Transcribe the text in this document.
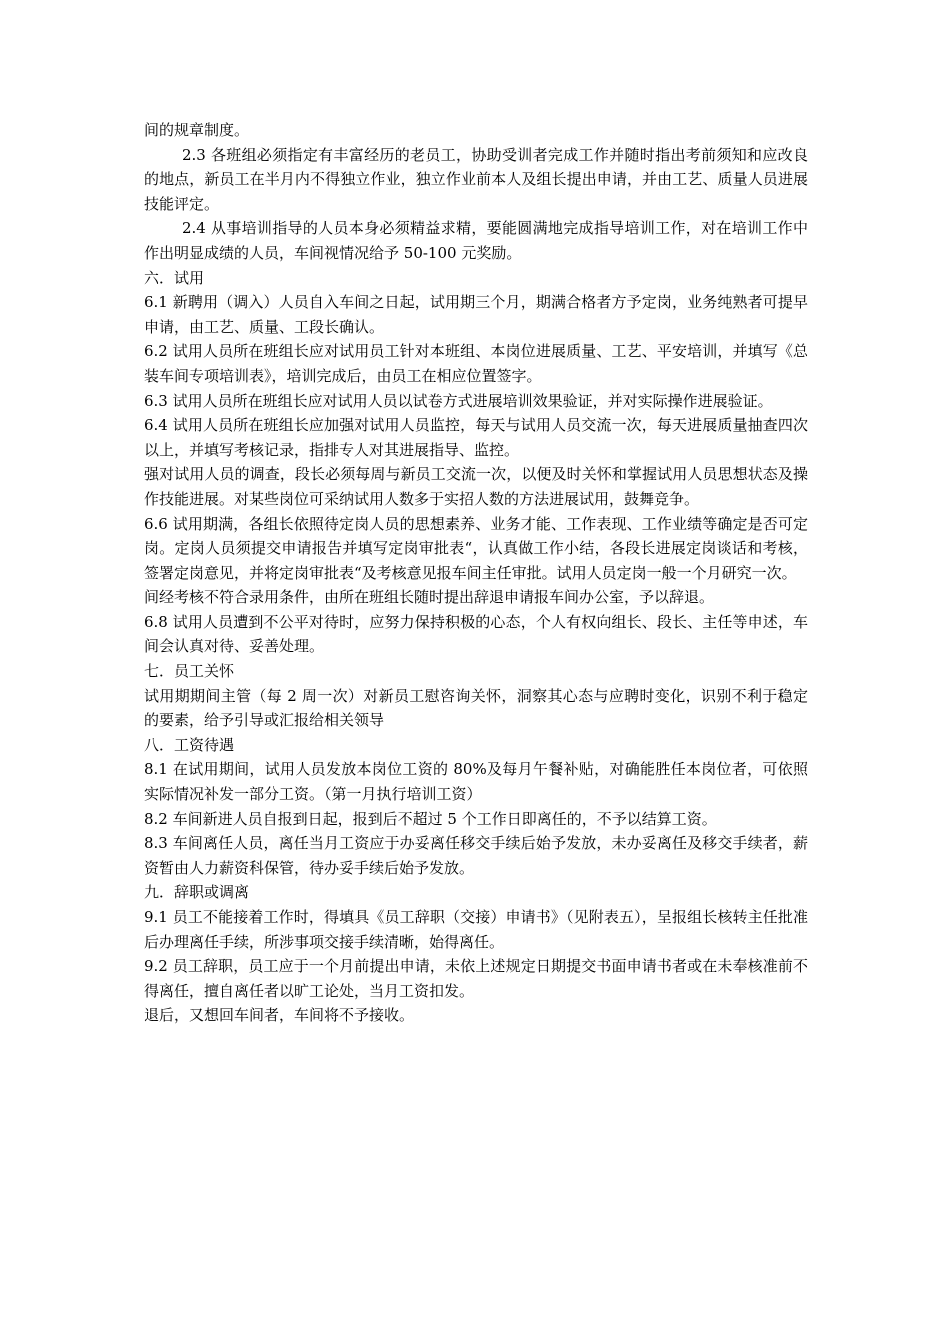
间的规章制度。

2.3 各班组必须指定有丰富经历的老员工，协助受训者完成工作并随时指出考前须知和应改良的地点，新员工在半月内不得独立作业，独立作业前本人及组长提出申请，并由工艺、质量人员进展技能评定。

2.4 从事培训指导的人员本身必须精益求精，要能圆满地完成指导培训工作，对在培训工作中作出明显成绩的人员，车间视情况给予 50-100 元奖励。

六．试用

6.1 新聘用（调入）人员自入车间之日起，试用期三个月，期满合格者方予定岗，业务纯熟者可提早申请，由工艺、质量、工段长确认。

6.2 试用人员所在班组长应对试用员工针对本班组、本岗位进展质量、工艺、平安培训，并填写《总装车间专项培训表》，培训完成后，由员工在相应位置签字。

6.3 试用人员所在班组长应对试用人员以试卷方式进展培训效果验证，并对实际操作进展验证。

6.4 试用人员所在班组长应加强对试用人员监控，每天与试用人员交流一次，每天进展质量抽查四次以上，并填写考核记录，指排专人对其进展指导、监控。

强对试用人员的调查，段长必须每周与新员工交流一次，以便及时关怀和掌握试用人员思想状态及操作技能进展。对某些岗位可采纳试用人数多于实招人数的方法进展试用，鼓舞竞争。

6.6 试用期满，各组长依照待定岗人员的思想素养、业务才能、工作表现、工作业绩等确定是否可定岗。定岗人员须提交申请报告并填写定岗审批表“，认真做工作小结，各段长进展定岗谈话和考核，签署定岗意见，并将定岗审批表“及考核意见报车间主任审批。试用人员定岗一般一个月研究一次。

间经考核不符合录用条件，由所在班组长随时提出辞退申请报车间办公室，予以辞退。

6.8 试用人员遭到不公平对待时，应努力保持积极的心态，个人有权向组长、段长、主任等申述，车间会认真对待、妥善处理。

七．员工关怀

试用期期间主管（每 2 周一次）对新员工慰咨询关怀，洞察其心态与应聘时变化，识别不利于稳定的要素，给予引导或汇报给相关领导

八．工资待遇

8.1 在试用期间，试用人员发放本岗位工资的 80%及每月午餐补贴，对确能胜任本岗位者，可依照实际情况补发一部分工资。（第一月执行培训工资）

8.2 车间新进人员自报到日起，报到后不超过 5 个工作日即离任的，不予以结算工资。

8.3 车间离任人员，离任当月工资应于办妥离任移交手续后始予发放，未办妥离任及移交手续者，薪资暂由人力薪资科保管，待办妥手续后始予发放。

九．辞职或调离

9.1 员工不能接着工作时，得填具《员工辞职（交接）申请书》（见附表五），呈报组长核转主任批准后办理离任手续，所涉事项交接手续清晰，始得离任。

9.2 员工辞职，员工应于一个月前提出申请，未依上述规定日期提交书面申请书者或在未奉核准前不得离任，擅自离任者以旷工论处，当月工资扣发。

退后，又想回车间者，车间将不予接收。
